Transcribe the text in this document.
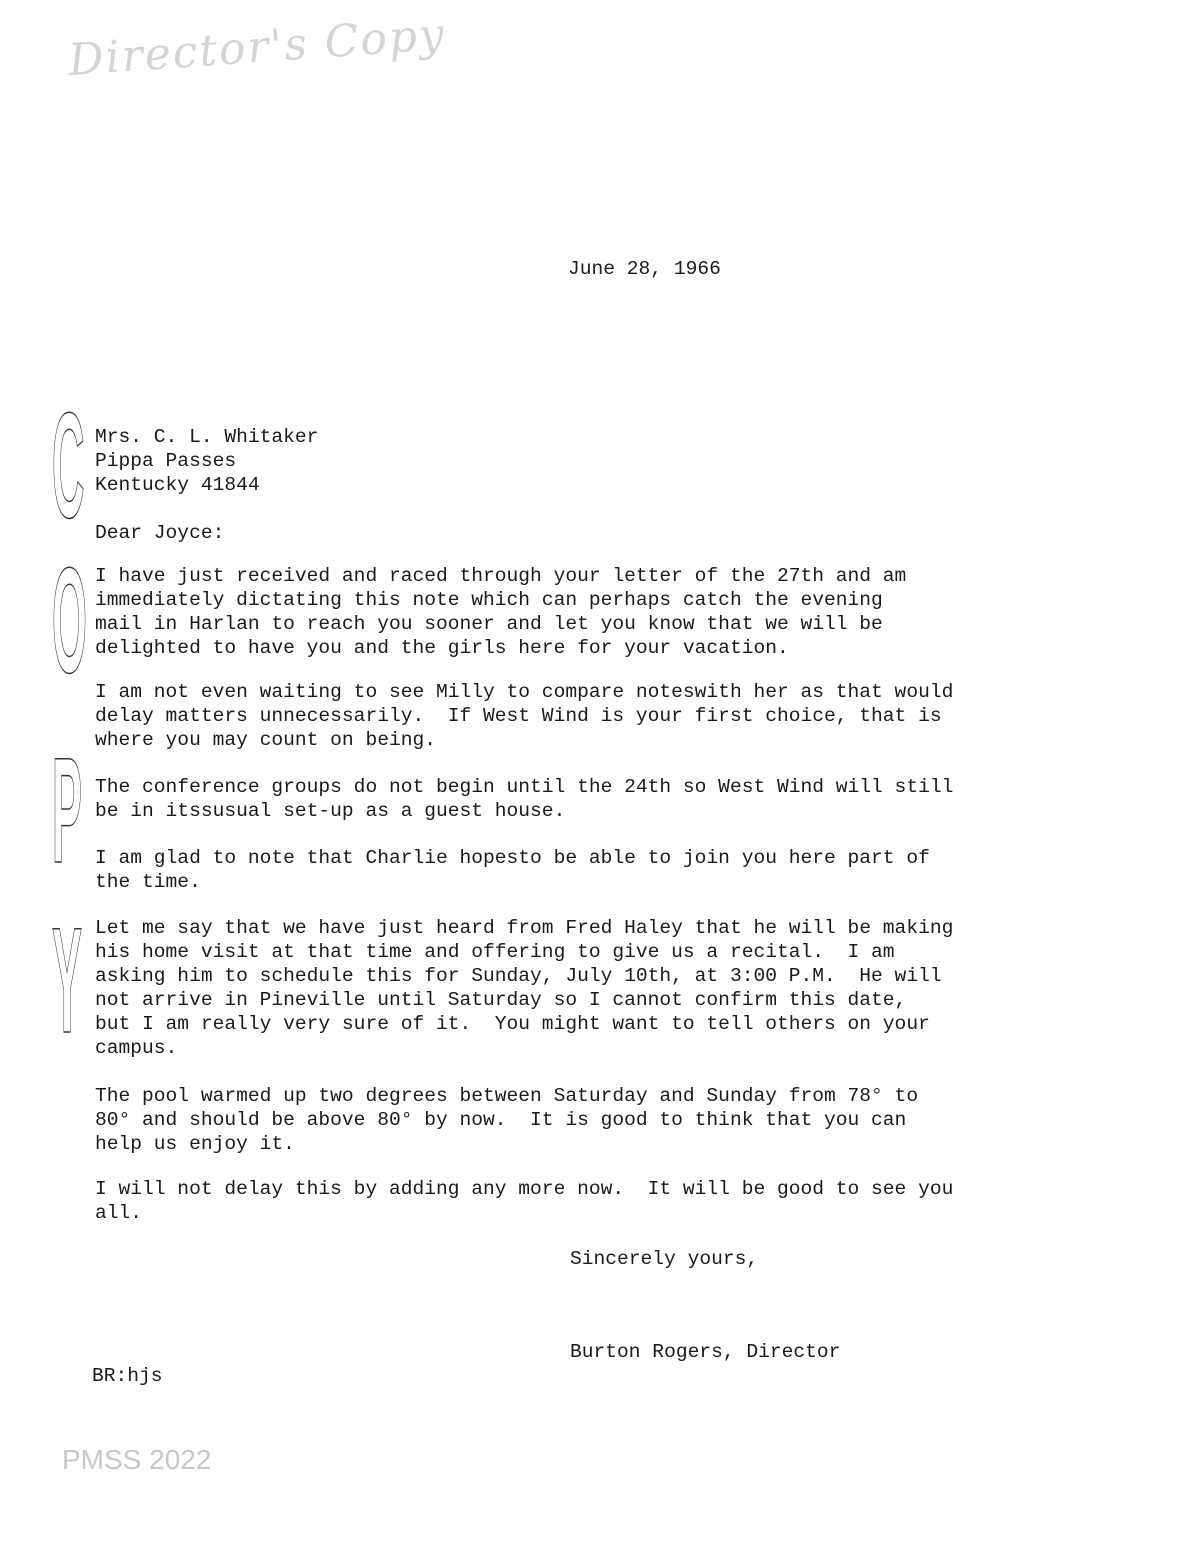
Director's Copy
C
O
P
Y
June 28, 1966
Mrs. C. L. Whitaker
Pippa Passes
Kentucky 41844
Dear Joyce:
I have just received and raced through your letter of the 27th and am
immediately dictating this note which can perhaps catch the evening
mail in Harlan to reach you sooner and let you know that we will be
delighted to have you and the girls here for your vacation.
I am not even waiting to see Milly to compare noteswith her as that would
delay matters unnecessarily.  If West Wind is your first choice, that is
where you may count on being.
The conference groups do not begin until the 24th so West Wind will still
be in itssusual set-up as a guest house.
I am glad to note that Charlie hopesto be able to join you here part of
the time.
Let me say that we have just heard from Fred Haley that he will be making
his home visit at that time and offering to give us a recital.  I am
asking him to schedule this for Sunday, July 10th, at 3:00 P.M.  He will
not arrive in Pineville until Saturday so I cannot confirm this date,
but I am really very sure of it.  You might want to tell others on your
campus.
The pool warmed up two degrees between Saturday and Sunday from 78° to
80° and should be above 80° by now.  It is good to think that you can
help us enjoy it.
I will not delay this by adding any more now.  It will be good to see you
all.
Sincerely yours,
Burton Rogers, Director
BR:hjs
PMSS 2022
